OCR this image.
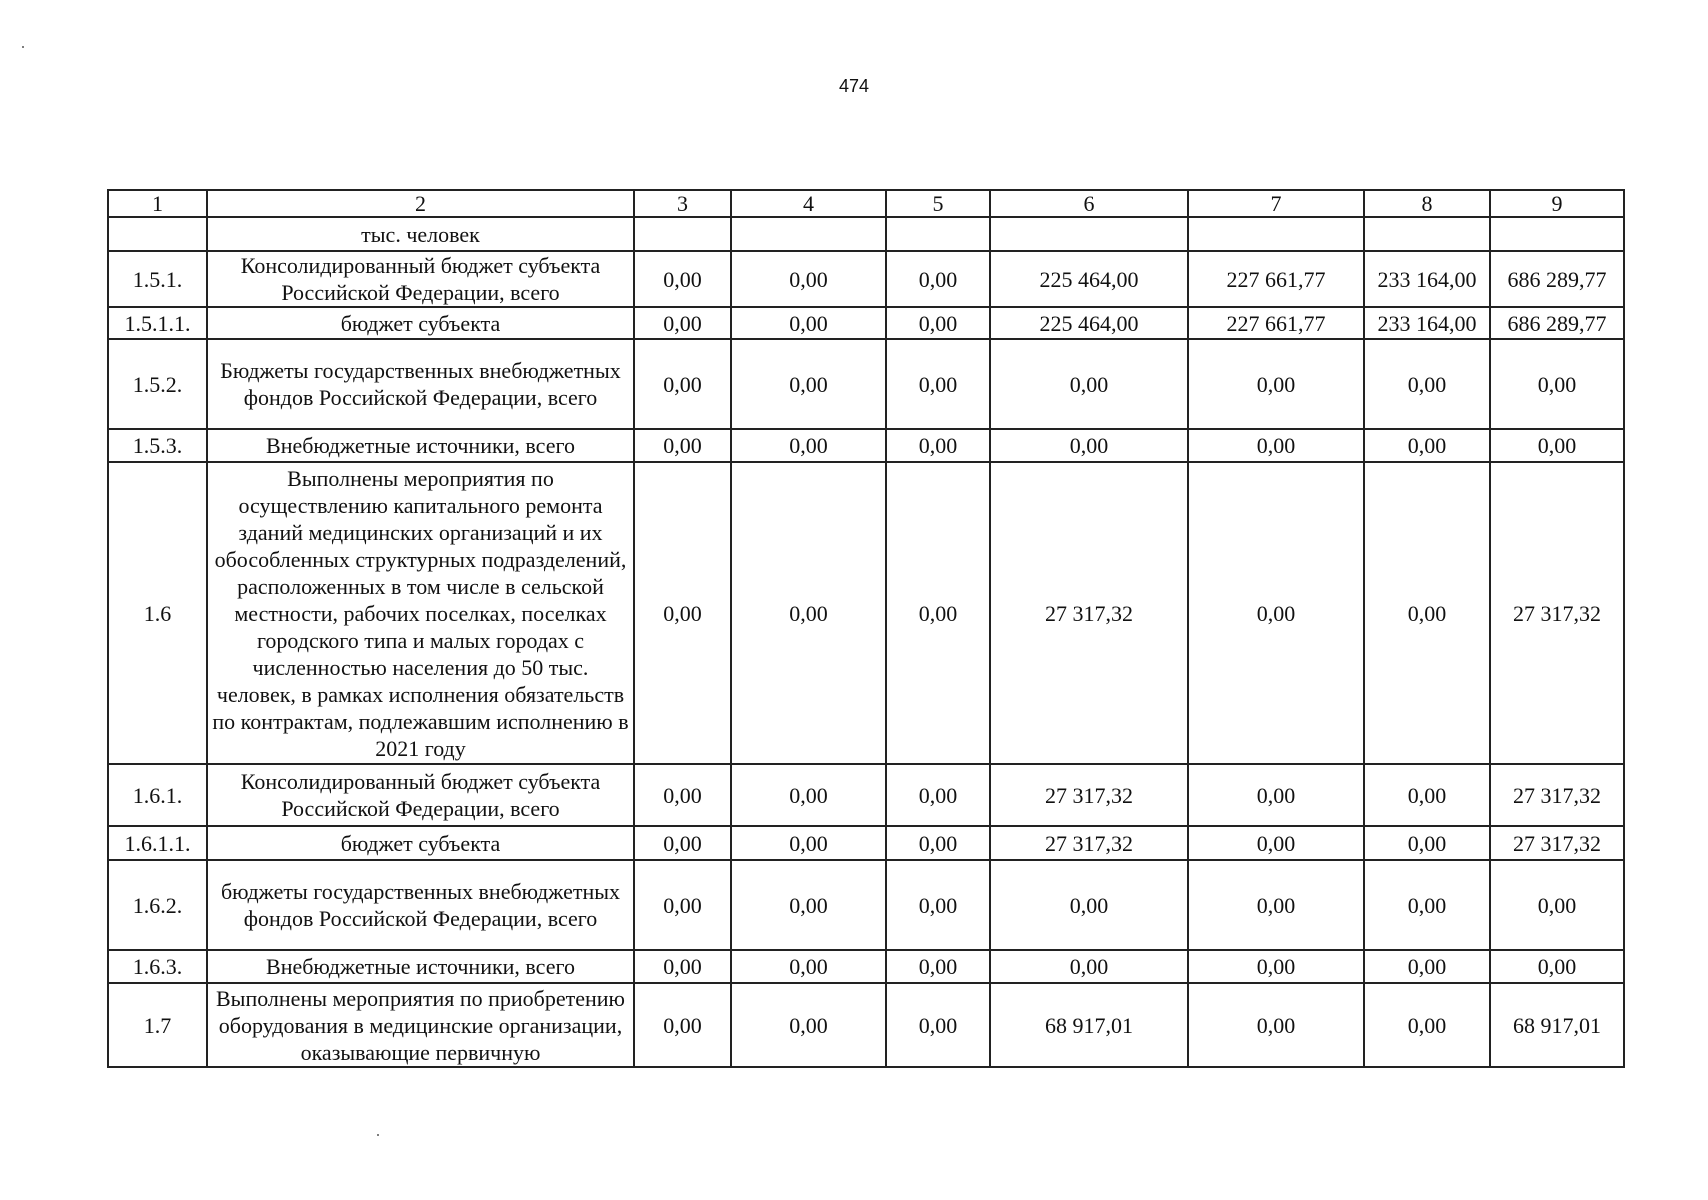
474
1	2	3	4	5	6	7	8	9
	тыс. человек							
1.5.1.	Консолидированный бюджет субъекта Российской Федерации, всего	0,00	0,00	0,00	225 464,00	227 661,77	233 164,00	686 289,77
1.5.1.1.	бюджет субъекта	0,00	0,00	0,00	225 464,00	227 661,77	233 164,00	686 289,77
1.5.2.	Бюджеты государственных внебюджетных фондов Российской Федерации, всего	0,00	0,00	0,00	0,00	0,00	0,00	0,00
1.5.3.	Внебюджетные источники, всего	0,00	0,00	0,00	0,00	0,00	0,00	0,00
1.6	Выполнены мероприятия по осуществлению капитального ремонта зданий медицинских организаций и их обособленных структурных подразделений, расположенных в том числе в сельской местности, рабочих поселках, поселках городского типа и малых городах с численностью населения до 50 тыс. человек, в рамках исполнения обязательств по контрактам, подлежавшим исполнению в 2021 году	0,00	0,00	0,00	27 317,32	0,00	0,00	27 317,32
1.6.1.	Консолидированный бюджет субъекта Российской Федерации, всего	0,00	0,00	0,00	27 317,32	0,00	0,00	27 317,32
1.6.1.1.	бюджет субъекта	0,00	0,00	0,00	27 317,32	0,00	0,00	27 317,32
1.6.2.	бюджеты государственных внебюджетных фондов Российской Федерации, всего	0,00	0,00	0,00	0,00	0,00	0,00	0,00
1.6.3.	Внебюджетные источники, всего	0,00	0,00	0,00	0,00	0,00	0,00	0,00
1.7	Выполнены мероприятия по приобретению оборудования в медицинские организации, оказывающие первичную	0,00	0,00	0,00	68 917,01	0,00	0,00	68 917,01
